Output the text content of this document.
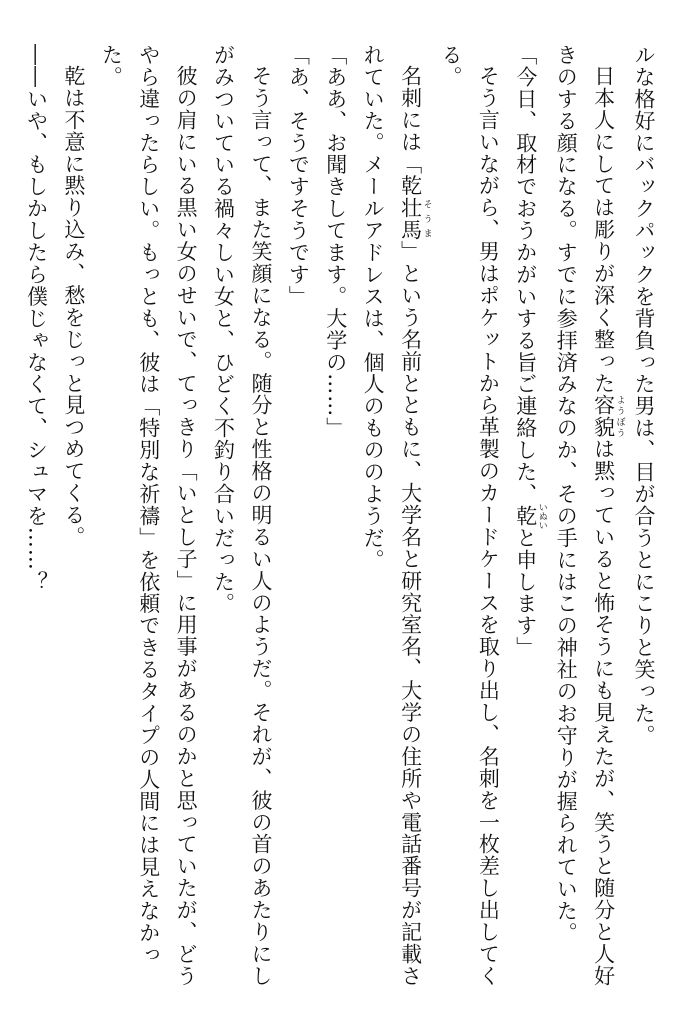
ルな格好にバックパックを背負った男は、目が合うとにこりと笑った。
日本人にしては彫りが深く整った容貌 ようぼうは黙っていると怖そうにも見えたが、笑うと随分と人好きのする顔になる。すでに参拝済みなのか、その手にはこの神社のお守りが握られていた。
「今日、取材でおうかがいする旨ご連絡した、乾 いぬいと申します」
そう言いながら、男はポケットから革製のカードケースを取り出し、名刺を一枚差し出してくる。
名刺には「乾壮馬 そうま」という名前とともに、大学名と研究室名、大学の住所や電話番号が記載されていた。メールアドレスは、個人のもののようだ。
「ああ、お聞きしてます。大学の……」
「あ、そうですそうです」
そう言って、また笑顔になる。随分と性格の明るい人のようだ。それが、彼の首のあたりにしがみついている禍々しい女と、ひどく不釣り合いだった。
彼の肩にいる黒い女のせいで、てっきり「いとし子」に用事があるのかと思っていたが、どうやら違ったらしい。もっとも、彼は「特別な祈禱」を依頼できるタイプの人間には見えなかった。
乾は不意に黙り込み、愁をじっと見つめてくる。
――いや、もしかしたら僕じゃなくて、シュマを……？
